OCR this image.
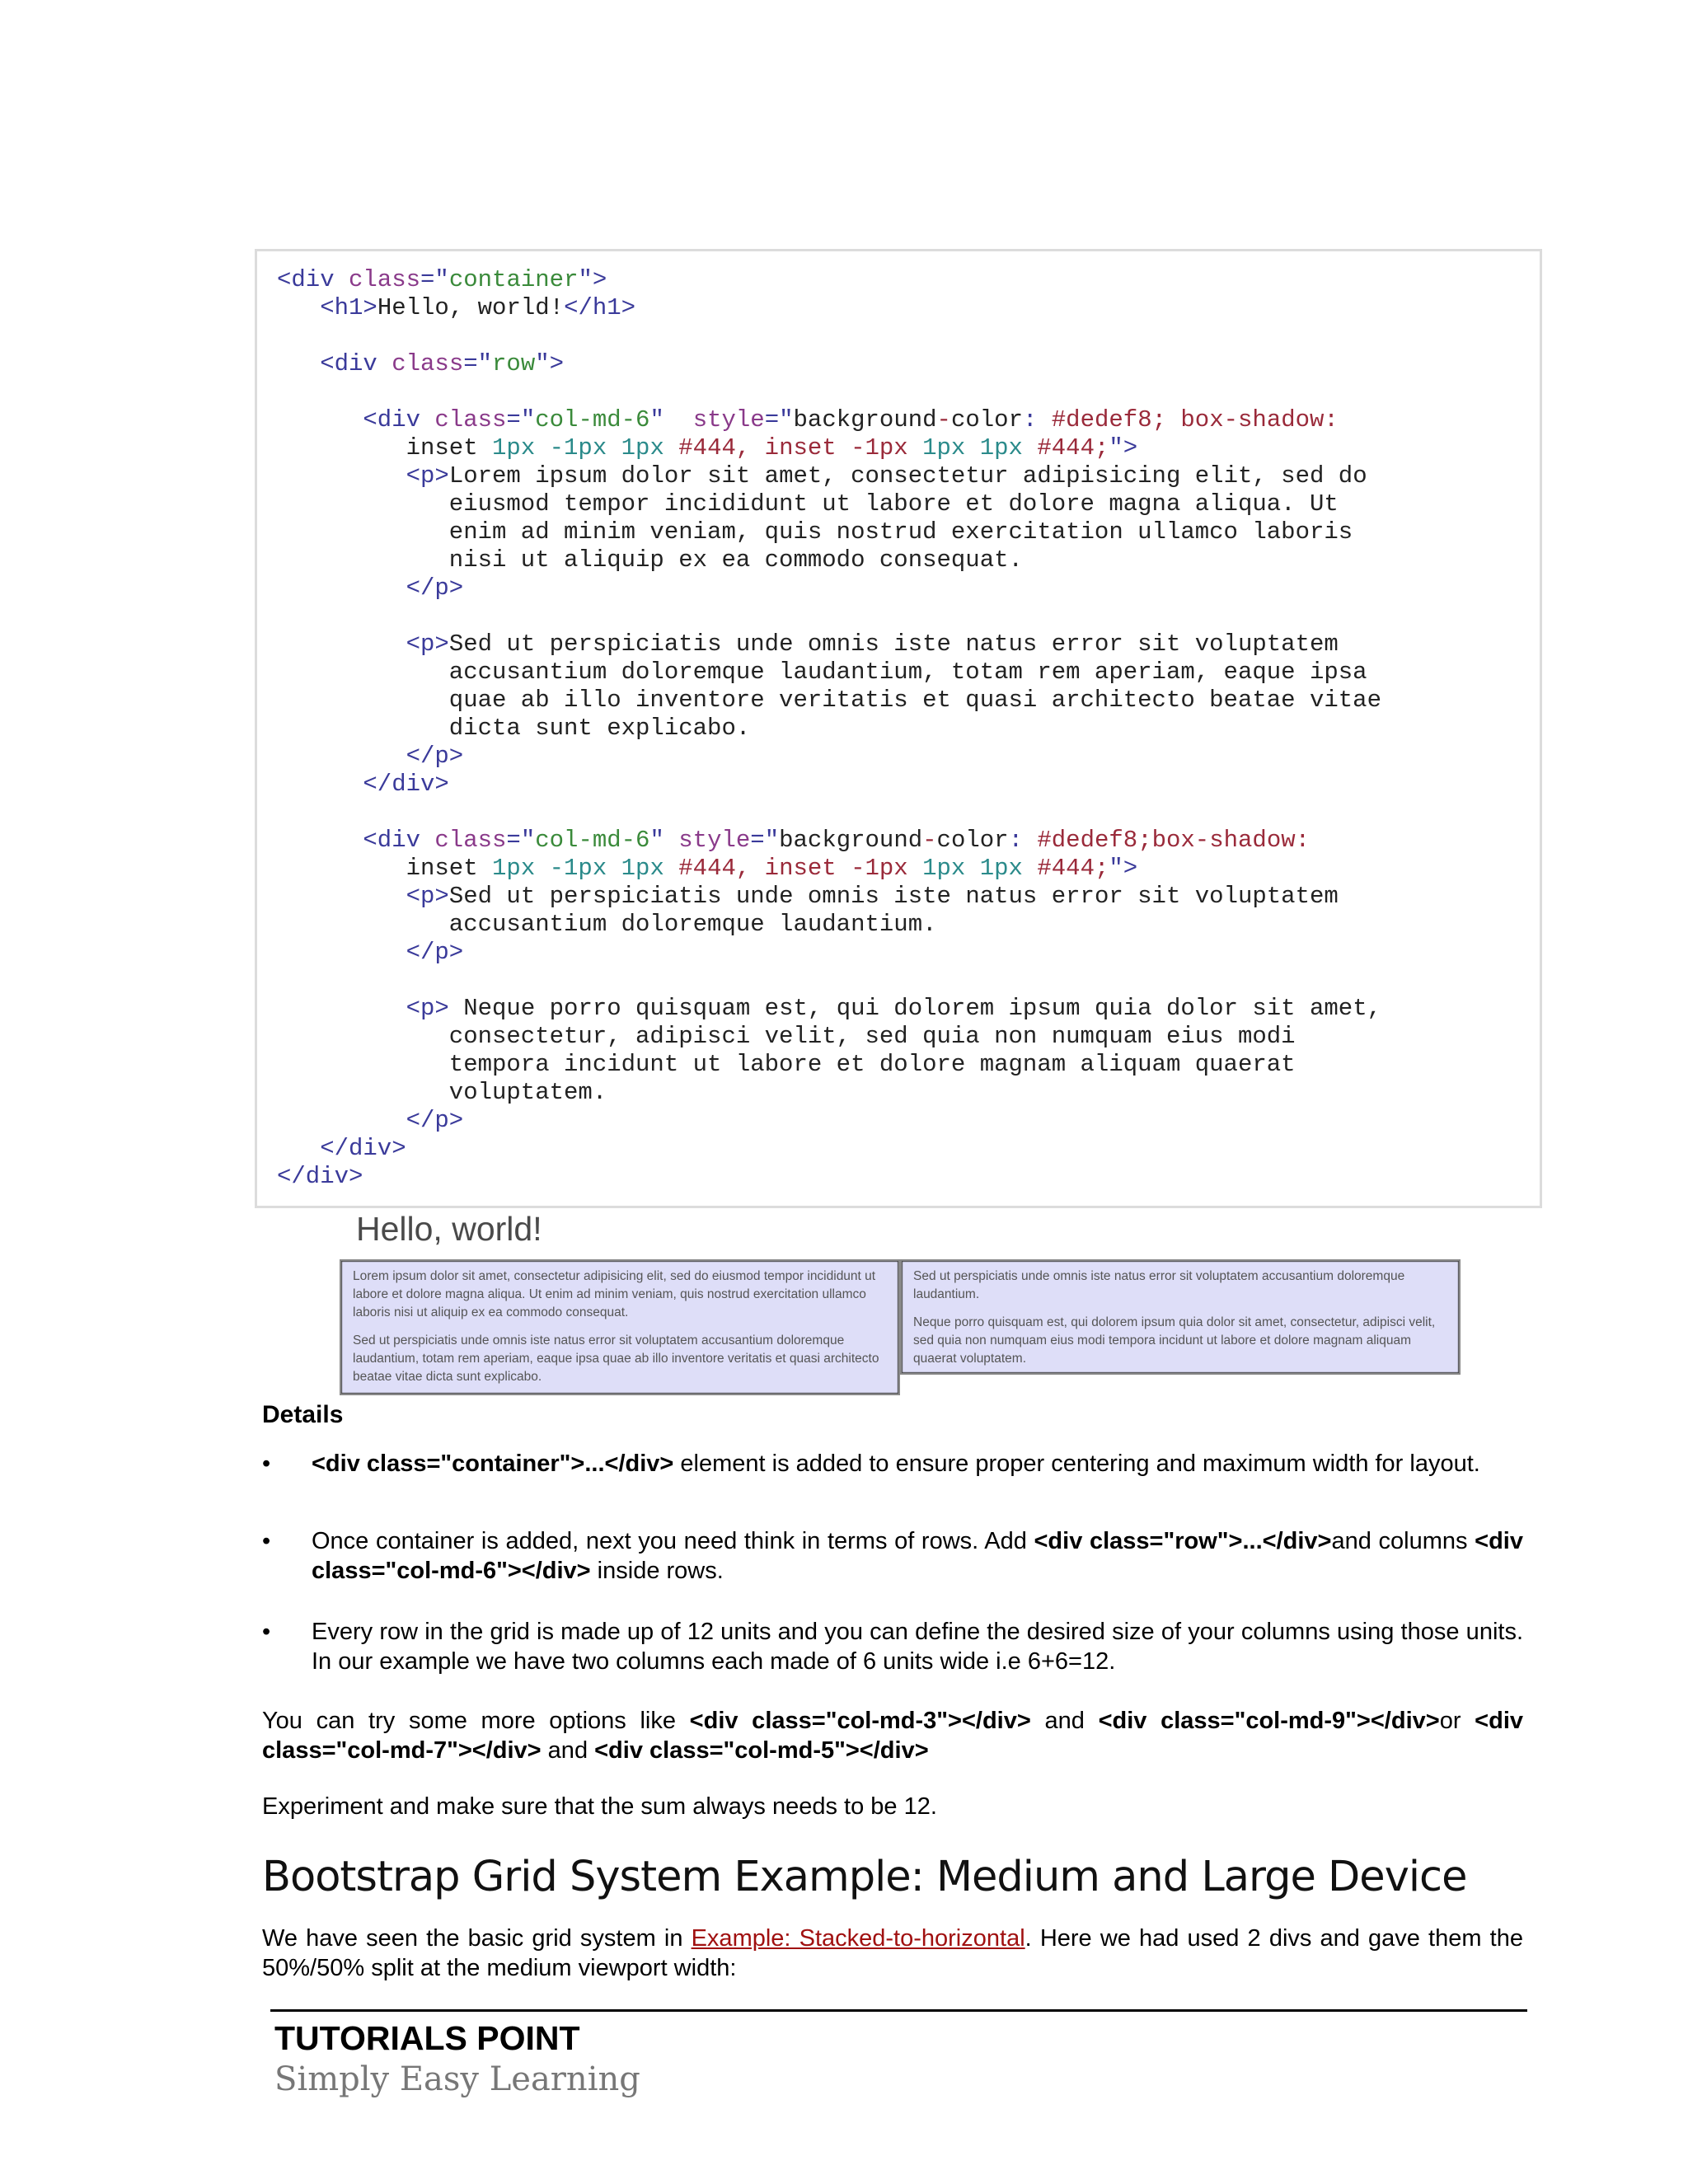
<div class="container">
<h1>Hello, world!</h1>
<div class="row">
<div class="col-md-6"  style="background-color: #dedef8; box-shadow:
inset 1px -1px 1px #444, inset -1px 1px 1px #444;">
<p>Lorem ipsum dolor sit amet, consectetur adipisicing elit, sed do
eiusmod tempor incididunt ut labore et dolore magna aliqua. Ut
enim ad minim veniam, quis nostrud exercitation ullamco laboris
nisi ut aliquip ex ea commodo consequat.
</p>
<p>Sed ut perspiciatis unde omnis iste natus error sit voluptatem
accusantium doloremque laudantium, totam rem aperiam, eaque ipsa
quae ab illo inventore veritatis et quasi architecto beatae vitae
dicta sunt explicabo.
</p>
</div>
<div class="col-md-6" style="background-color: #dedef8;box-shadow:
inset 1px -1px 1px #444, inset -1px 1px 1px #444;">
<p>Sed ut perspiciatis unde omnis iste natus error sit voluptatem
accusantium doloremque laudantium.
</p>
<p> Neque porro quisquam est, qui dolorem ipsum quia dolor sit amet,
consectetur, adipisci velit, sed quia non numquam eius modi
tempora incidunt ut labore et dolore magnam aliquam quaerat
voluptatem.
</p>
</div>
</div>
Hello, world!

Lorem ipsum dolor sit amet, consectetur adipisicing elit, sed do eiusmod tempor incididunt ut labore et dolore magna aliqua. Ut enim ad minim veniam, quis nostrud exercitation ullamco laboris nisi ut aliquip ex ea commodo consequat.

Sed ut perspiciatis unde omnis iste natus error sit voluptatem accusantium doloremque laudantium, totam rem aperiam, eaque ipsa quae ab illo inventore veritatis et quasi architecto beatae vitae dicta sunt explicabo.

Sed ut perspiciatis unde omnis iste natus error sit voluptatem accusantium doloremque laudantium.

Neque porro quisquam est, qui dolorem ipsum quia dolor sit amet, consectetur, adipisci velit, sed quia non numquam eius modi tempora incidunt ut labore et dolore magnam aliquam quaerat voluptatem.

Details
• <div class="container">...</div> element is added to ensure proper centering and maximum width for layout.
• Once container is added, next you need think in terms of rows. Add <div class="row">...</div>and columns <div class="col-md-6"></div> inside rows.
• Every row in the grid is made up of 12 units and you can define the desired size of your columns using those units. In our example we have two columns each made of 6 units wide i.e 6+6=12.
You can try some more options like <div class="col-md-3"></div> and <div class="col-md-9"></div>or <div class="col-md-7"></div> and <div class="col-md-5"></div>
Experiment and make sure that the sum always needs to be 12.
Bootstrap Grid System Example: Medium and Large Device
We have seen the basic grid system in Example: Stacked-to-horizontal. Here we had used 2 divs and gave them the 50%/50% split at the medium viewport width:
TUTORIALS POINT
Simply Easy Learning
